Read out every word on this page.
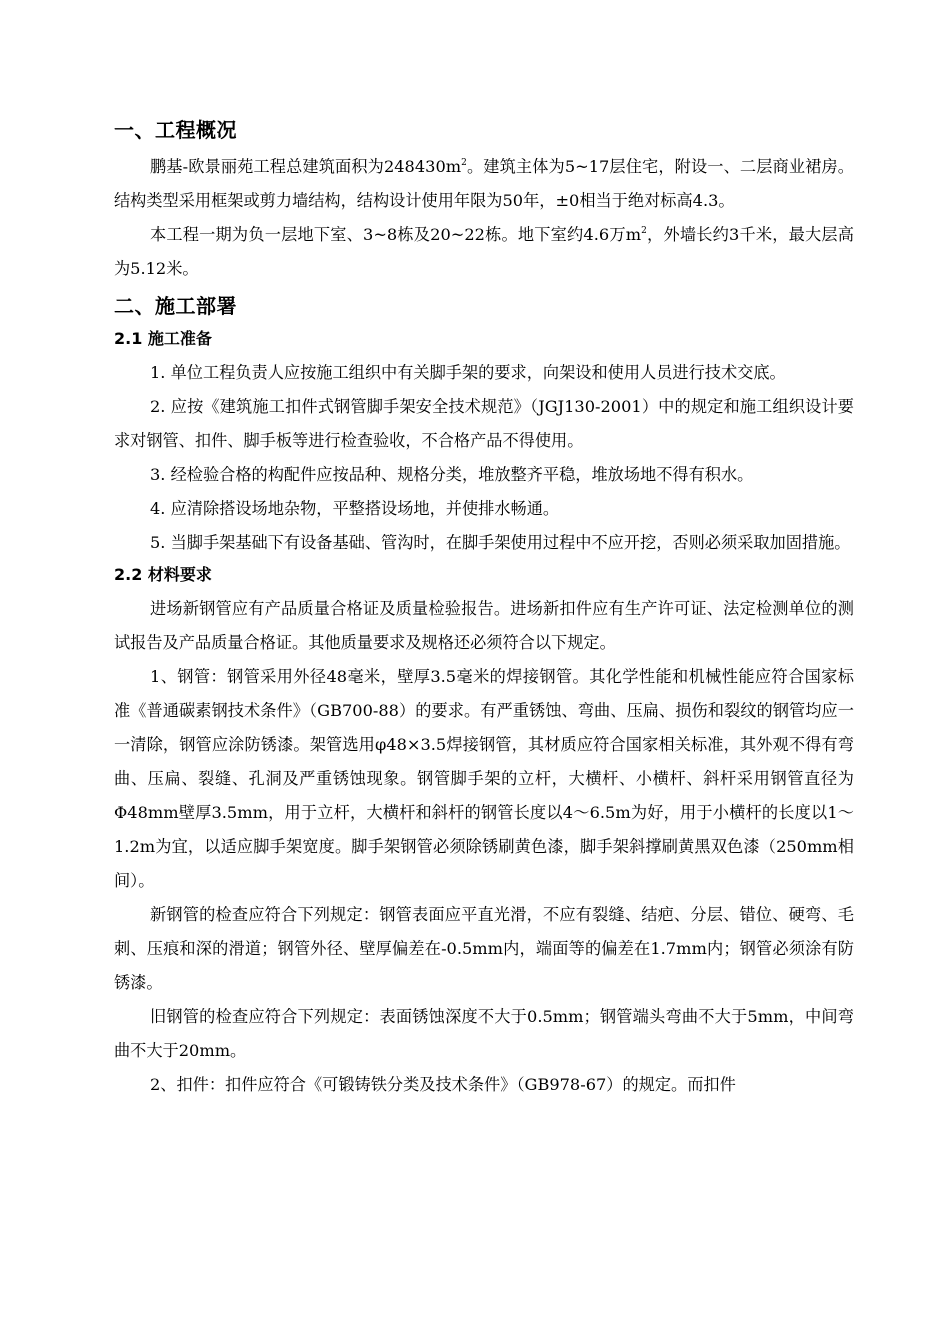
一、工程概况

鹏基-欧景丽苑工程总建筑面积为$248430m^2$。建筑主体为5~17层住宅，附设一、二层商业裙房。结构类型采用框架或剪力墙结构，结构设计使用年限为50年，±0相当于绝对标高4.3。

本工程一期为负一层地下室、3~8栋及20~22栋。地下室约4.6万$m^2$，外墙长约3千米，最大层高为5.12米。

二、施工部署
2.1 施工准备

1. 单位工程负责人应按施工组织中有关脚手架的要求，向架设和使用人员进行技术交底。

2. 应按《建筑施工扣件式钢管脚手架安全技术规范》（JGJ130-2001）中的规定和施工组织设计要求对钢管、扣件、脚手板等进行检查验收，不合格产品不得使用。

3. 经检验合格的构配件应按品种、规格分类，堆放整齐平稳，堆放场地不得有积水。

4. 应清除搭设场地杂物，平整搭设场地，并使排水畅通。

5. 当脚手架基础下有设备基础、管沟时，在脚手架使用过程中不应开挖，否则必须采取加固措施。

2.2 材料要求

进场新钢管应有产品质量合格证及质量检验报告。进场新扣件应有生产许可证、法定检测单位的测试报告及产品质量合格证。其他质量要求及规格还必须符合以下规定。

1、钢管：钢管采用外径48毫米，壁厚3.5毫米的焊接钢管。其化学性能和机械性能应符合国家标准《普通碳素钢技术条件》（GB700-88）的要求。有严重锈蚀、弯曲、压扁、损伤和裂纹的钢管均应一一清除，钢管应涂防锈漆。架管选用φ48×3.5焊接钢管，其材质应符合国家相关标准，其外观不得有弯曲、压扁、裂缝、孔洞及严重锈蚀现象。钢管脚手架的立杆，大横杆、小横杆、斜杆采用钢管直径为Φ48mm壁厚3.5mm，用于立杆，大横杆和斜杆的钢管长度以4～6.5m为好，用于小横杆的长度以1～1.2m为宜，以适应脚手架宽度。脚手架钢管必须除锈刷黄色漆，脚手架斜撑刷黄黑双色漆（250mm相间）。

新钢管的检查应符合下列规定：钢管表面应平直光滑，不应有裂缝、结疤、分层、错位、硬弯、毛刺、压痕和深的滑道；钢管外径、壁厚偏差在-0.5mm内，端面等的偏差在1.7mm内；钢管必须涂有防锈漆。

旧钢管的检查应符合下列规定：表面锈蚀深度不大于0.5mm；钢管端头弯曲不大于5mm，中间弯曲不大于20mm。

2、扣件：扣件应符合《可锻铸铁分类及技术条件》（GB978-67）的规定。而扣件
